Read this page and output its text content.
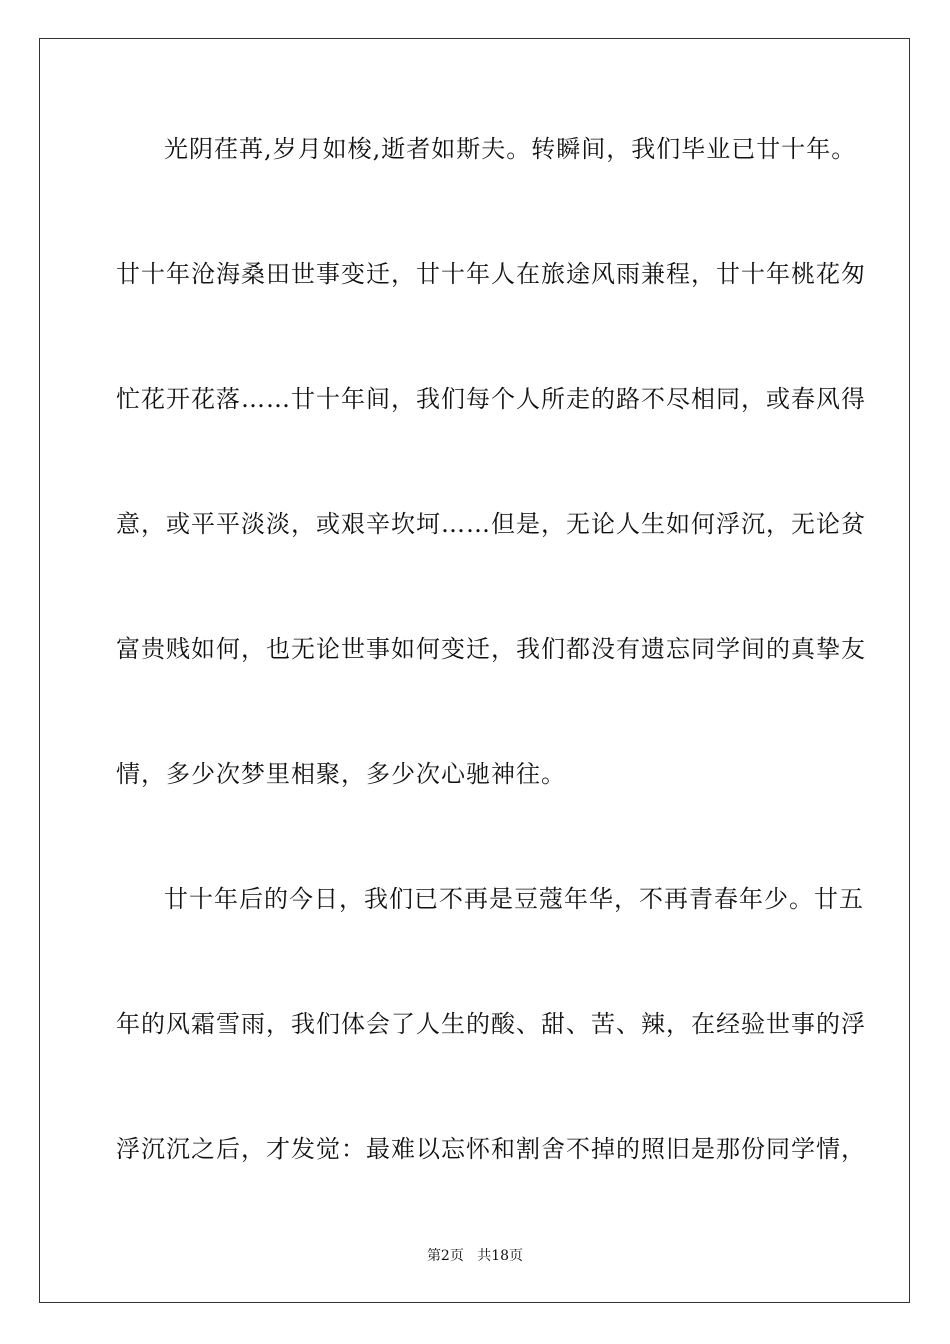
光阴荏苒,岁月如梭,逝者如斯夫。转瞬间，我们毕业已廿十年。
廿十年沧海桑田世事变迁，廿十年人在旅途风雨兼程，廿十年桃花匆
忙花开花落……廿十年间，我们每个人所走的路不尽相同，或春风得
意，或平平淡淡，或艰辛坎坷……但是，无论人生如何浮沉，无论贫
富贵贱如何，也无论世事如何变迁，我们都没有遗忘同学间的真挚友
情，多少次梦里相聚，多少次心驰神往。
廿十年后的今日，我们已不再是豆蔻年华，不再青春年少。廿五
年的风霜雪雨，我们体会了人生的酸、甜、苦、辣，在经验世事的浮
浮沉沉之后，才发觉：最难以忘怀和割舍不掉的照旧是那份同学情，
第2页 共18页
